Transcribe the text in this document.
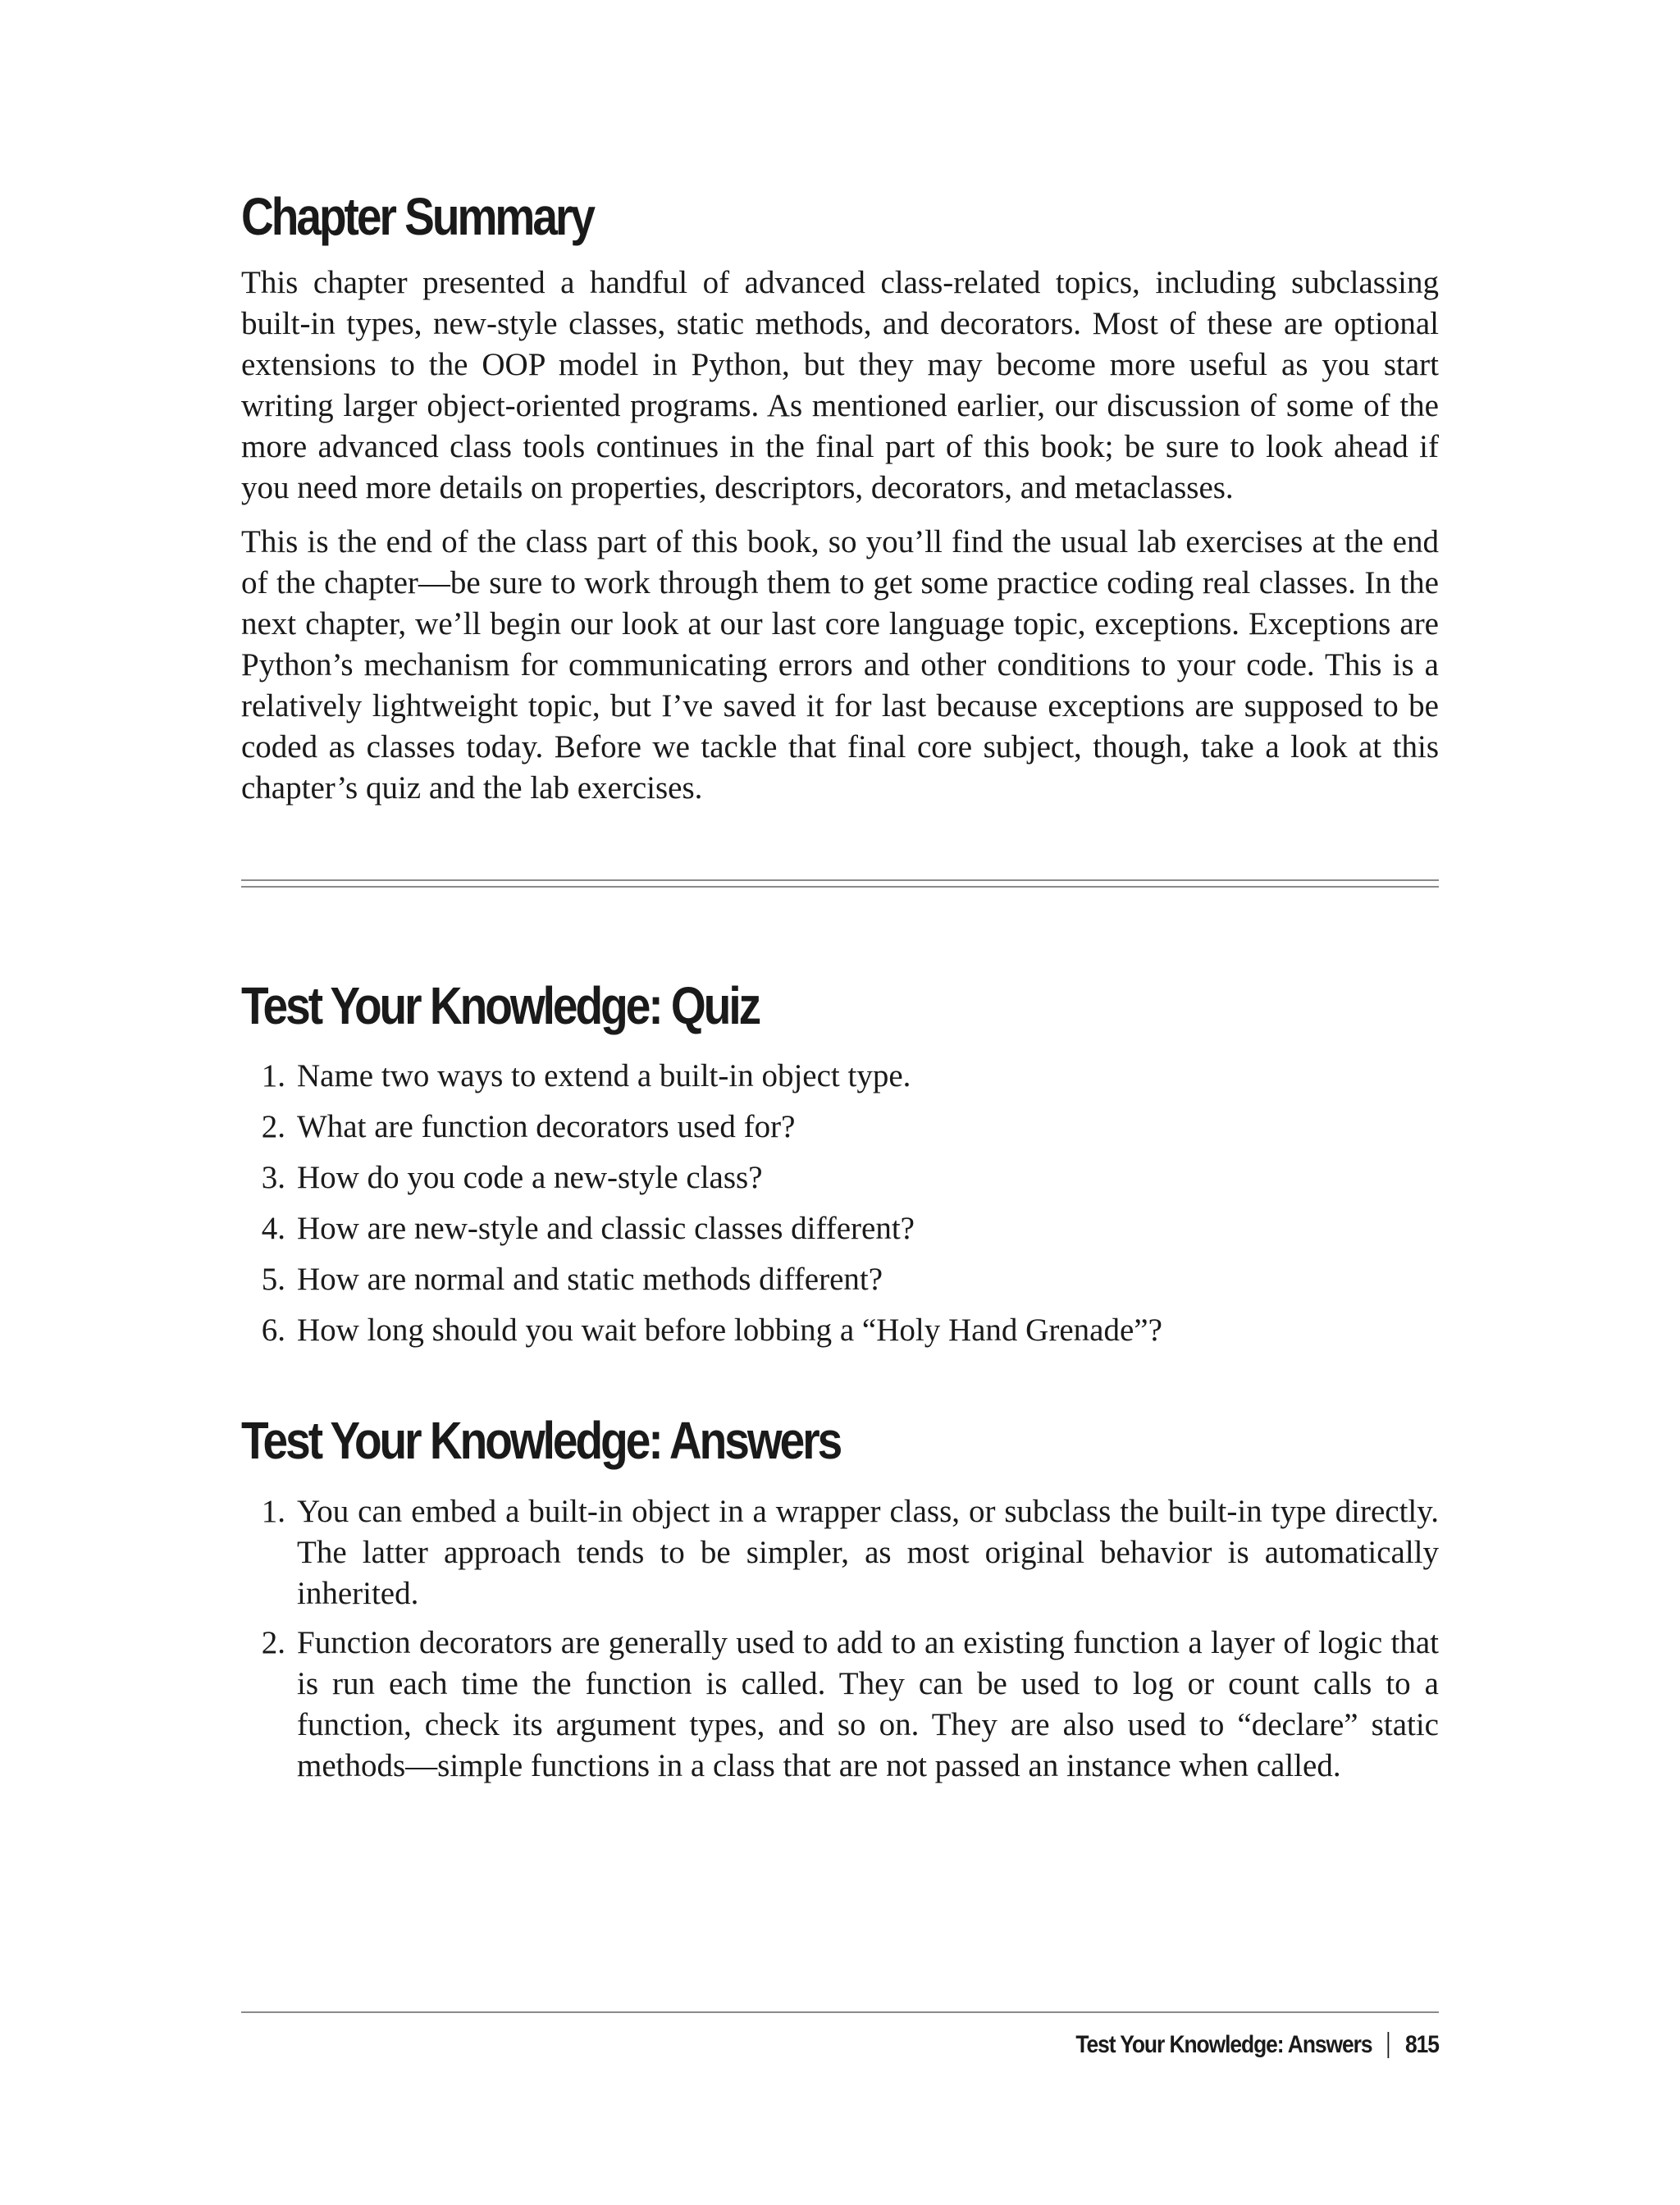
Chapter Summary

This chapter presented a handful of advanced class-related topics, including subclassing built-in types, new-style classes, static methods, and decorators. Most of these are optional extensions to the OOP model in Python, but they may become more useful as you start writing larger object-oriented programs. As mentioned earlier, our discussion of some of the more advanced class tools continues in the final part of this book; be sure to look ahead if you need more details on properties, descriptors, decorators, and metaclasses.

This is the end of the class part of this book, so you’ll find the usual lab exercises at the end of the chapter—be sure to work through them to get some practice coding real classes. In the next chapter, we’ll begin our look at our last core language topic, exceptions. Exceptions are Python’s mechanism for communicating errors and other conditions to your code. This is a relatively lightweight topic, but I’ve saved it for last because exceptions are supposed to be coded as classes today. Before we tackle that final core subject, though, take a look at this chapter’s quiz and the lab exercises.

Test Your Knowledge: Quiz
1. Name two ways to extend a built-in object type.
2. What are function decorators used for?
3. How do you code a new-style class?
4. How are new-style and classic classes different?
5. How are normal and static methods different?
6. How long should you wait before lobbing a “Holy Hand Grenade”?
Test Your Knowledge: Answers
1. You can embed a built-in object in a wrapper class, or subclass the built-in type directly. The latter approach tends to be simpler, as most original behavior is automatically inherited.
2. Function decorators are generally used to add to an existing function a layer of logic that is run each time the function is called. They can be used to log or count calls to a function, check its argument types, and so on. They are also used to “declare” static methods—simple functions in a class that are not passed an instance when called.
Test Your Knowledge: Answers 815
